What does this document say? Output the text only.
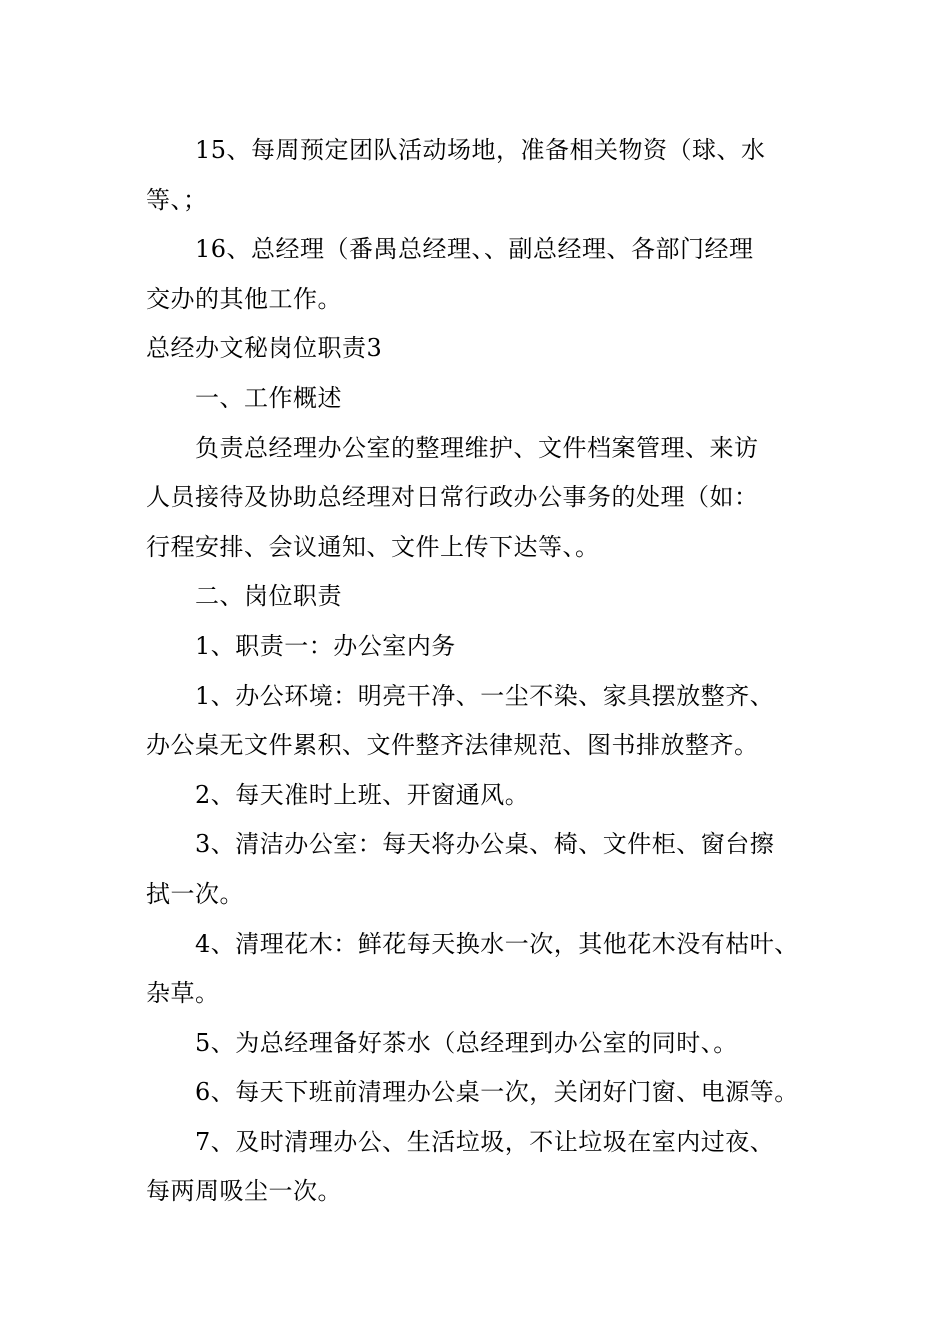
15、每周预定团队活动场地，准备相关物资（球、水
等、；
16、总经理（番禺总经理、、副总经理、各部门经理
交办的其他工作。
总经办文秘岗位职责3
一、工作概述
负责总经理办公室的整理维护、文件档案管理、来访
人员接待及协助总经理对日常行政办公事务的处理（如：
行程安排、会议通知、文件上传下达等、。
二、岗位职责
1、职责一：办公室内务
1、办公环境：明亮干净、一尘不染、家具摆放整齐、
办公桌无文件累积、文件整齐法律规范、图书排放整齐。
2、每天准时上班、开窗通风。
3、清洁办公室：每天将办公桌、椅、文件柜、窗台擦
拭一次。
4、清理花木：鲜花每天换水一次，其他花木没有枯叶、
杂草。
5、为总经理备好茶水（总经理到办公室的同时、。
6、每天下班前清理办公桌一次，关闭好门窗、电源等。
7、及时清理办公、生活垃圾，不让垃圾在室内过夜、
每两周吸尘一次。
